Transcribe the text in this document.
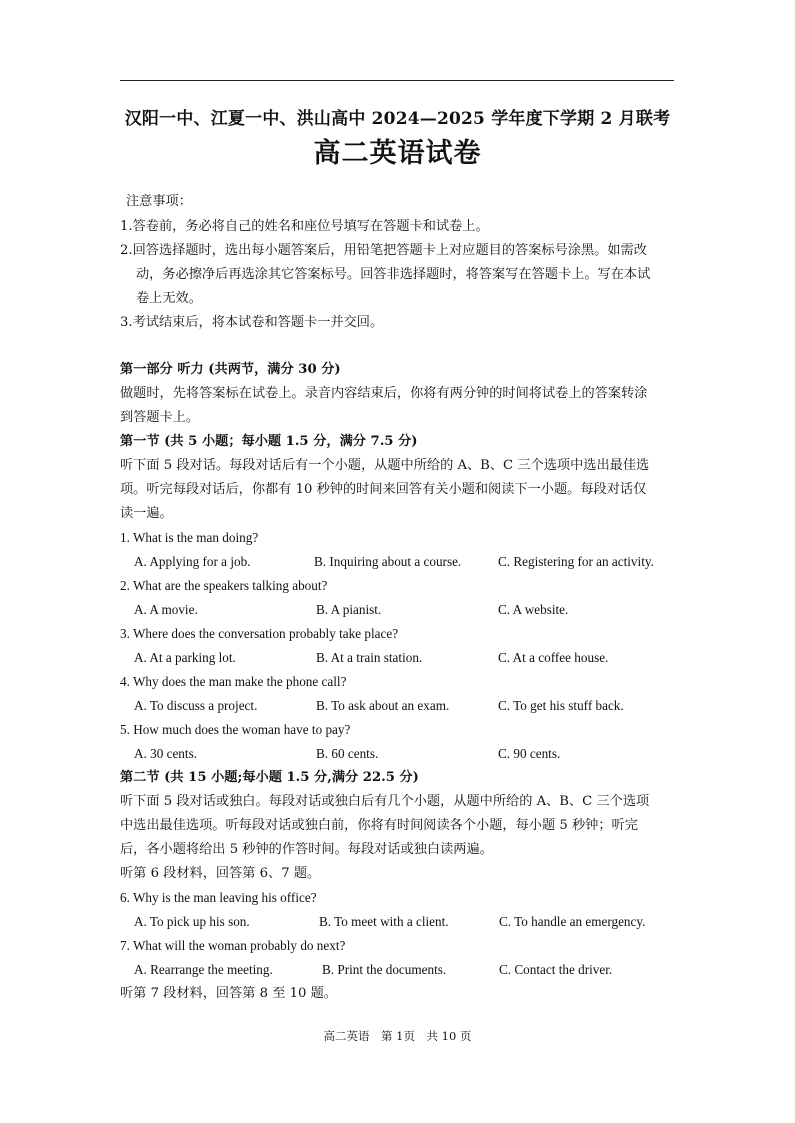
汉阳一中、江夏一中、洪山高中 2024—2025 学年度下学期 2 月联考
高二英语试卷
注意事项：
1.答卷前，务必将自己的姓名和座位号填写在答题卡和试卷上。
2.回答选择题时，选出每小题答案后，用铅笔把答题卡上对应题目的答案标号涂黑。如需改
动，务必擦净后再选涂其它答案标号。回答非选择题时，将答案写在答题卡上。写在本试
卷上无效。
3.考试结束后，将本试卷和答题卡一并交回。
第一部分 听力 (共两节，满分 30 分)
做题时，先将答案标在试卷上。录音内容结束后，你将有两分钟的时间将试卷上的答案转涂
到答题卡上。
第一节 (共 5 小题；每小题 1.5 分，满分 7.5 分)
听下面 5 段对话。每段对话后有一个小题，从题中所给的 A、B、C 三个选项中选出最佳选
项。听完每段对话后，你都有 10 秒钟的时间来回答有关小题和阅读下一小题。每段对话仅
读一遍。
1. What is the man doing?
A. Applying for a job.	B. Inquiring about a course.	C. Registering for an activity.
2. What are the speakers talking about?
A. A movie.	B. A pianist.	C. A website.
3. Where does the conversation probably take place?
A. At a parking lot.	B. At a train station.	C. At a coffee house.
4. Why does the man make the phone call?
A. To discuss a project.	B. To ask about an exam.	C. To get his stuff back.
5. How much does the woman have to pay?
A. 30 cents.	B. 60 cents.	C. 90 cents.
第二节 (共 15 小题;每小题 1.5 分,满分 22.5 分)
听下面 5 段对话或独白。每段对话或独白后有几个小题，从题中所给的 A、B、C 三个选项
中选出最佳选项。听每段对话或独白前，你将有时间阅读各个小题，每小题 5 秒钟；听完
后，各小题将给出 5 秒钟的作答时间。每段对话或独白读两遍。
听第 6 段材料，回答第 6、7 题。
6. Why is the man leaving his office?
A. To pick up his son.	B. To meet with a client.	C. To handle an emergency.
7. What will the woman probably do next?
A. Rearrange the meeting.	B. Print the documents.	C. Contact the driver.
听第 7 段材料，回答第 8 至 10 题。
高二英语　第 1页　共 10 页
